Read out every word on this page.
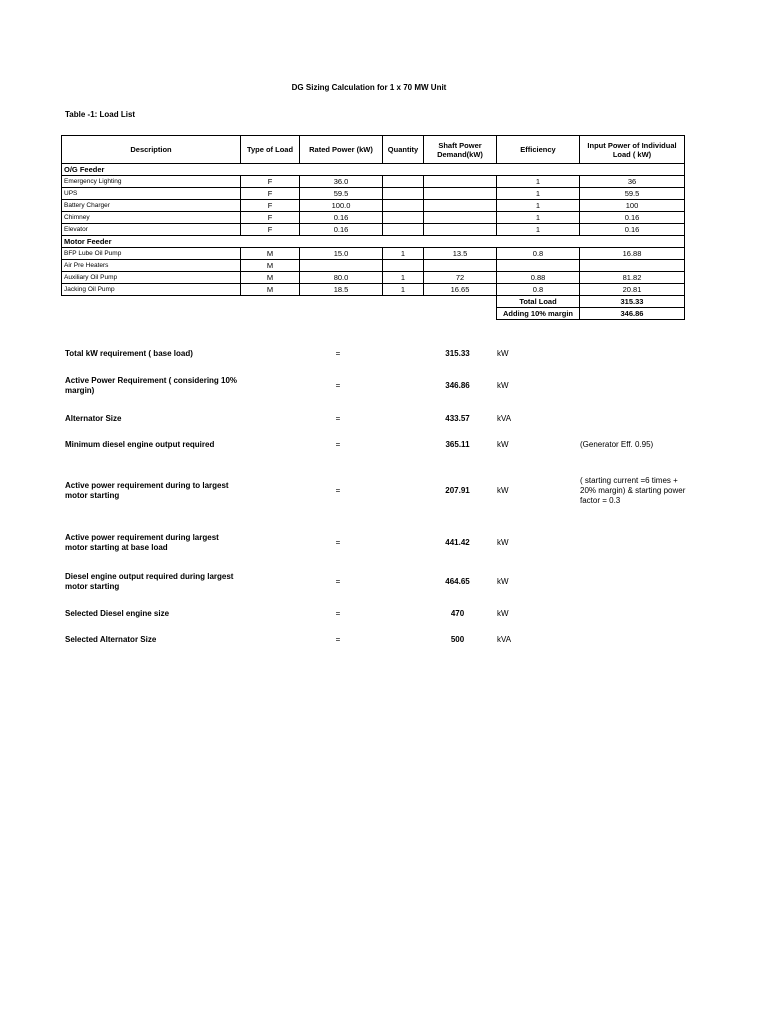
DG Sizing Calculation for 1 x 70 MW Unit
Table -1: Load List
Description	Type of Load	Rated Power (kW)	Quantity	Shaft Power Demand(kW)	Efficiency	Input Power of Individual Load ( kW)
O/G Feeder						
Emergency Lighting	F	36.0			1	36
UPS	F	59.5			1	59.5
Battery Charger	F	100.0			1	100
Chimney	F	0.16			1	0.16
Elevator	F	0.16			1	0.16
Motor Feeder						
BFP Lube Oil Pump	M	15.0	1	13.5	0.8	16.88
Air Pre Heaters	M					
Auxiliary Oil Pump	M	80.0	1	72	0.88	81.82
Jacking Oil Pump	M	18.5	1	16.65	0.8	20.81
					Total Load	315.33
					Adding 10% margin	346.86
Total kW requirement ( base load)	=	315.33	kW
Active Power Requirement ( considering 10% margin)
=	346.86	kW
Alternator Size	=	433.57	kVA
Minimum diesel engine output required	=	365.11	kW	(Generator Eff. 0.95)
Active power requirement during to largest motor starting
=	207.91	kW
( starting current =6 times + 20% margin) & starting power factor = 0.3
Active power requirement during largest motor starting at base load
=	441.42	kW
Diesel engine output required during largest motor starting
=	464.65	kW
Selected Diesel engine size	=	470	kW
Selected Alternator Size	=	500	kVA
